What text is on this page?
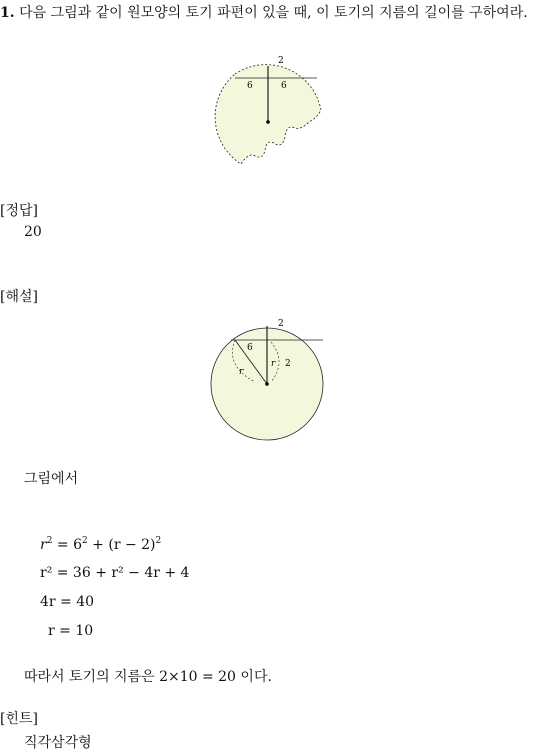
1. 다음 그림과 같이 원모양의 토기 파편이 있을 때, 이 토기의 지름의 길이를 구하여라.
2
6	6
[정답]
20
[해설]
2
6
r
r 2
그림에서
$r^2 = 6^2 + (r - 2)^2$
r² = 36 + r² − 4r + 4
4r = 40
r = 10
따라서 토기의 지름은 2×10 = 20 이다.
[힌트]
직각삼각형
